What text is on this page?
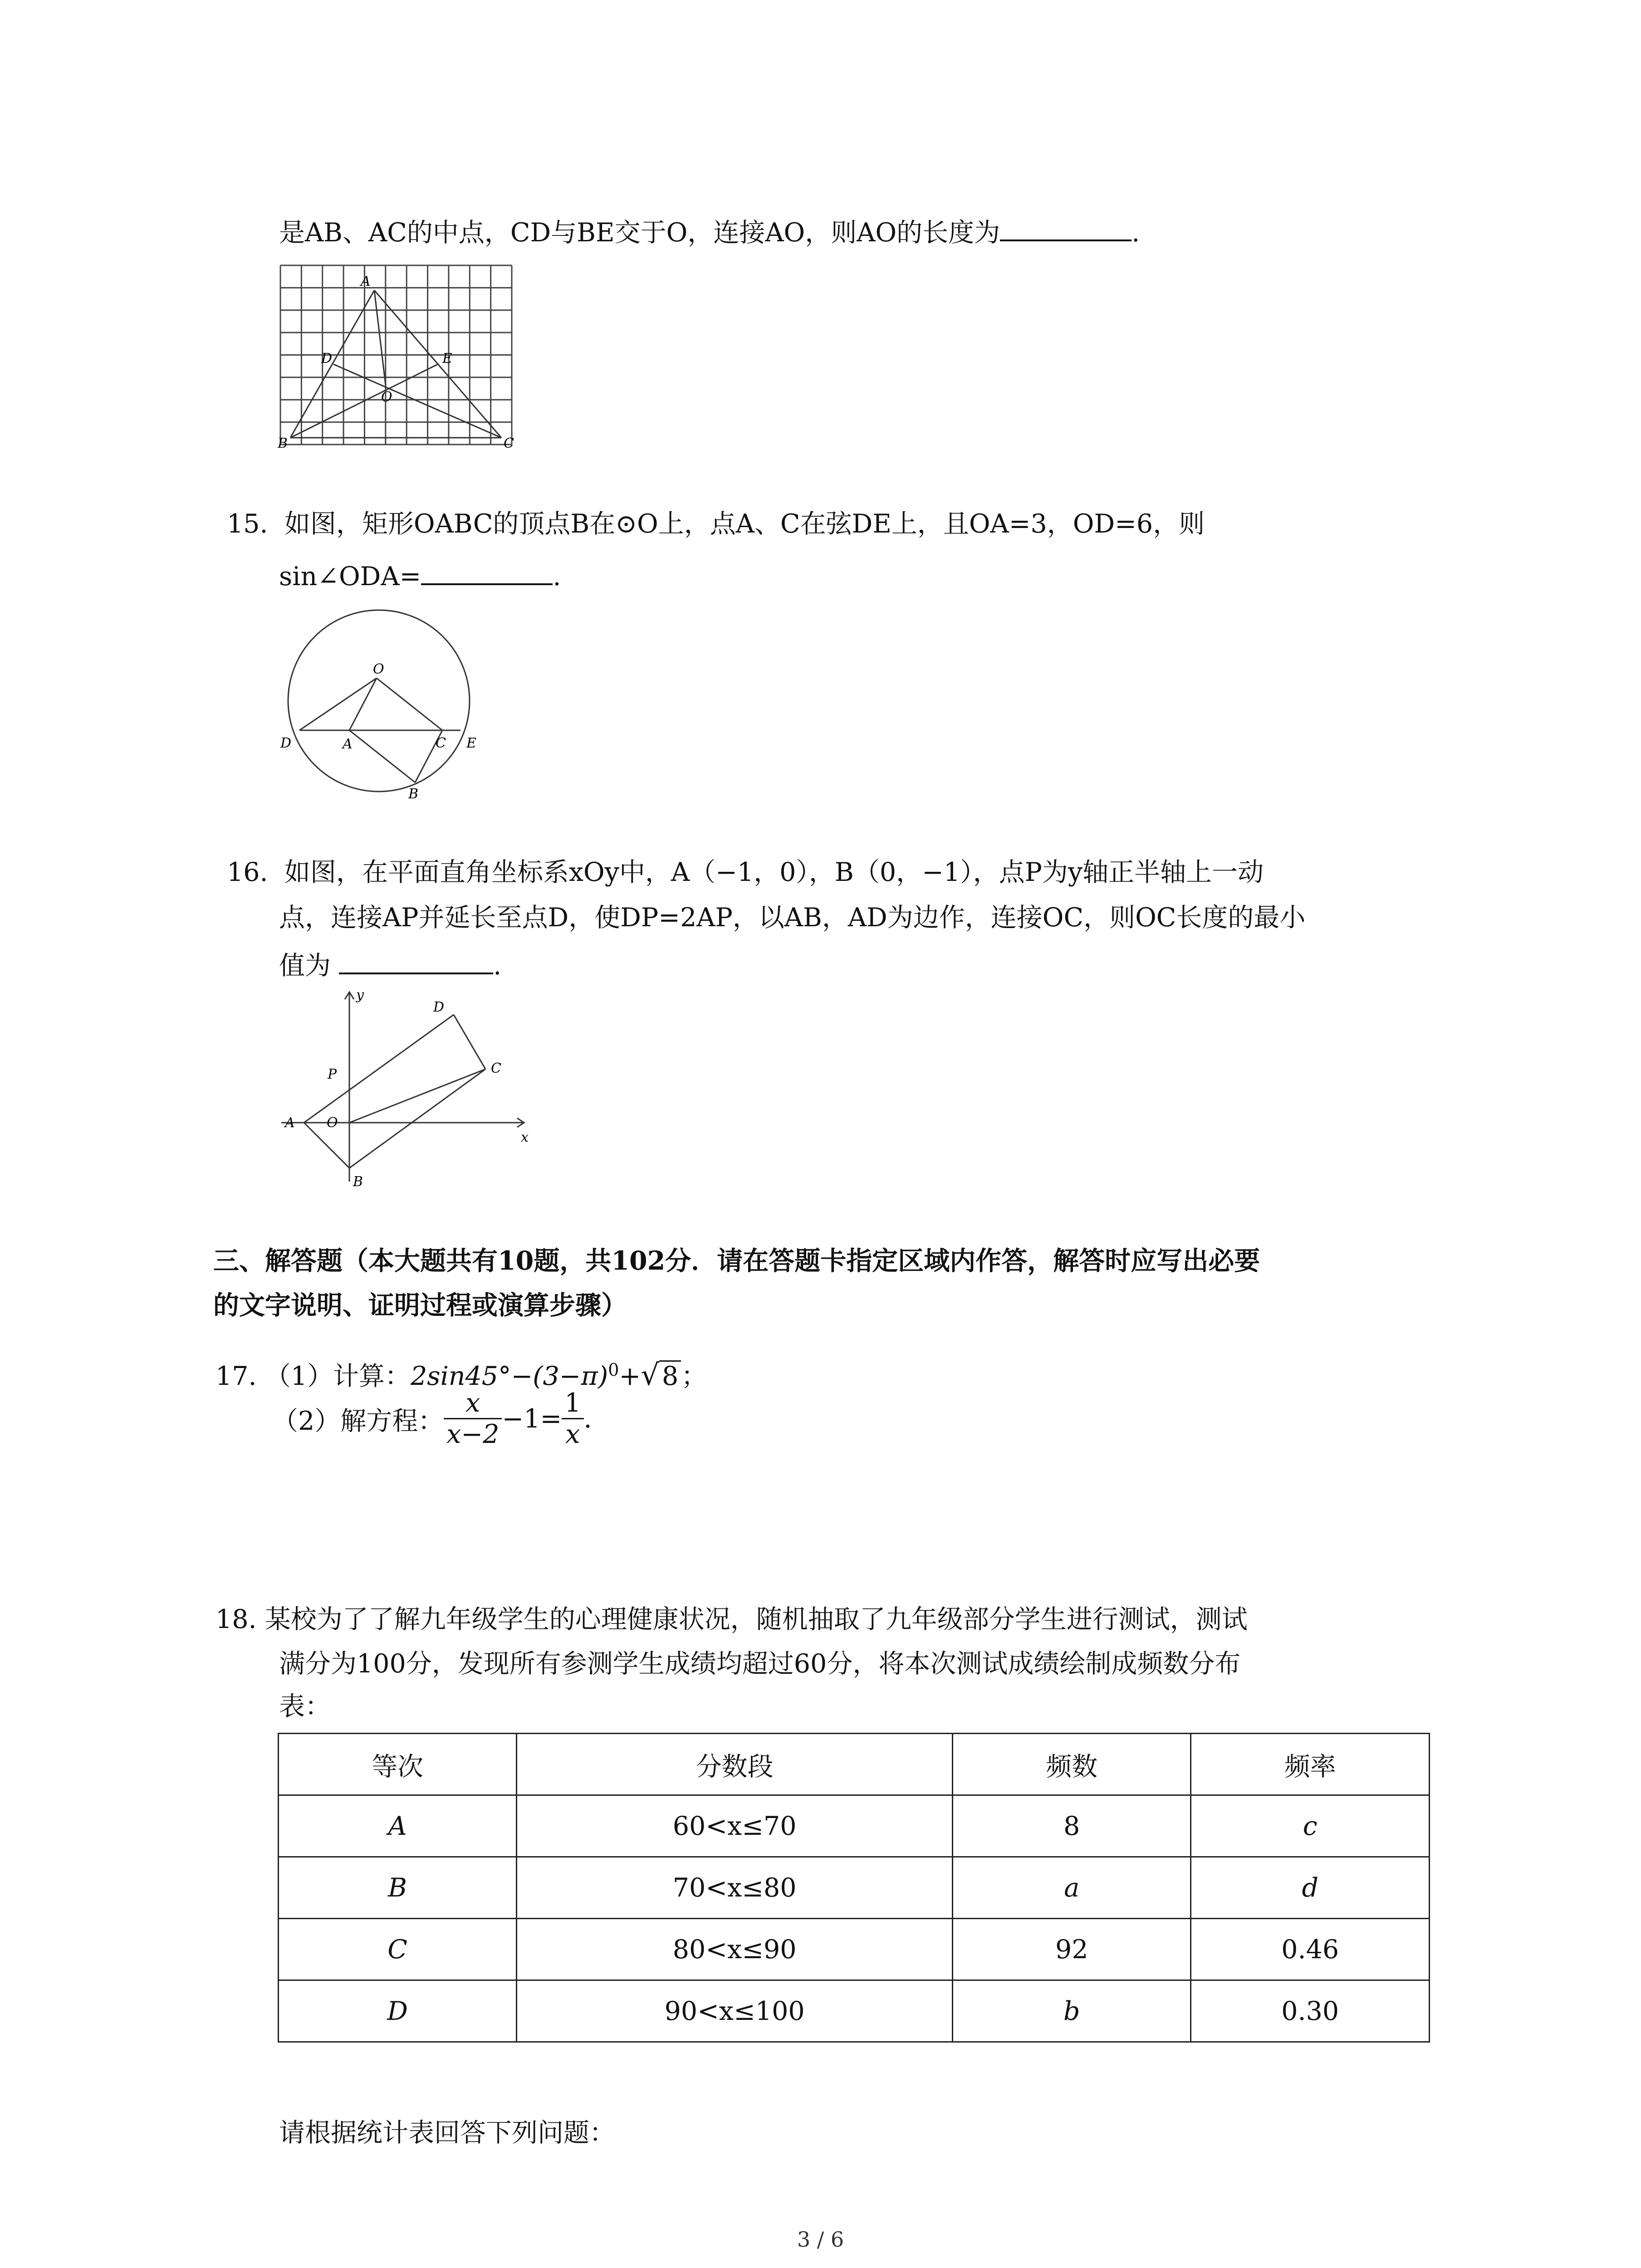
是AB、AC的中点，CD与BE交于O，连接AO，则AO的长度为	.
A
B	C
D	E
O
15. 如图，矩形OABC的顶点B在⊙O上，点A、C在弦DE上，且OA=3，OD=6，则
sin∠ODA=	.
O
D	A	C E
B
16. 如图，在平面直角坐标系xOy中，A（−1，0），B（0，−1），点P为y轴正半轴上一动
点，连接AP并延长至点D，使DP=2AP，以AB，AD为边作，连接OC，则OC长度的最小
值为	.
y
x
D
C
P
A O
B
三、解答题（本大题共有10题，共102分．请在答题卡指定区域内作答，解答时应写出必要
的文字说明、证明过程或演算步骤）
17. （1）计算：$2\sin 45^\circ-(3-\pi)^0+√$ 8 ；
（2）解方程： $\frac{x}{x-2} -1= \frac{1}{x}$ .
18. 某校为了了解九年级学生的心理健康状况，随机抽取了九年级部分学生进行测试，测试
满分为100分，发现所有参测学生成绩均超过60分，将本次测试成绩绘制成频数分布
表：
等次	分数段	频数	频率
A	60<x≤70	8	c
B	70<x≤80	a	d
C	80<x≤90	92	0.46
D	90<x≤100	b	0.30
请根据统计表回答下列问题：
3 / 6
